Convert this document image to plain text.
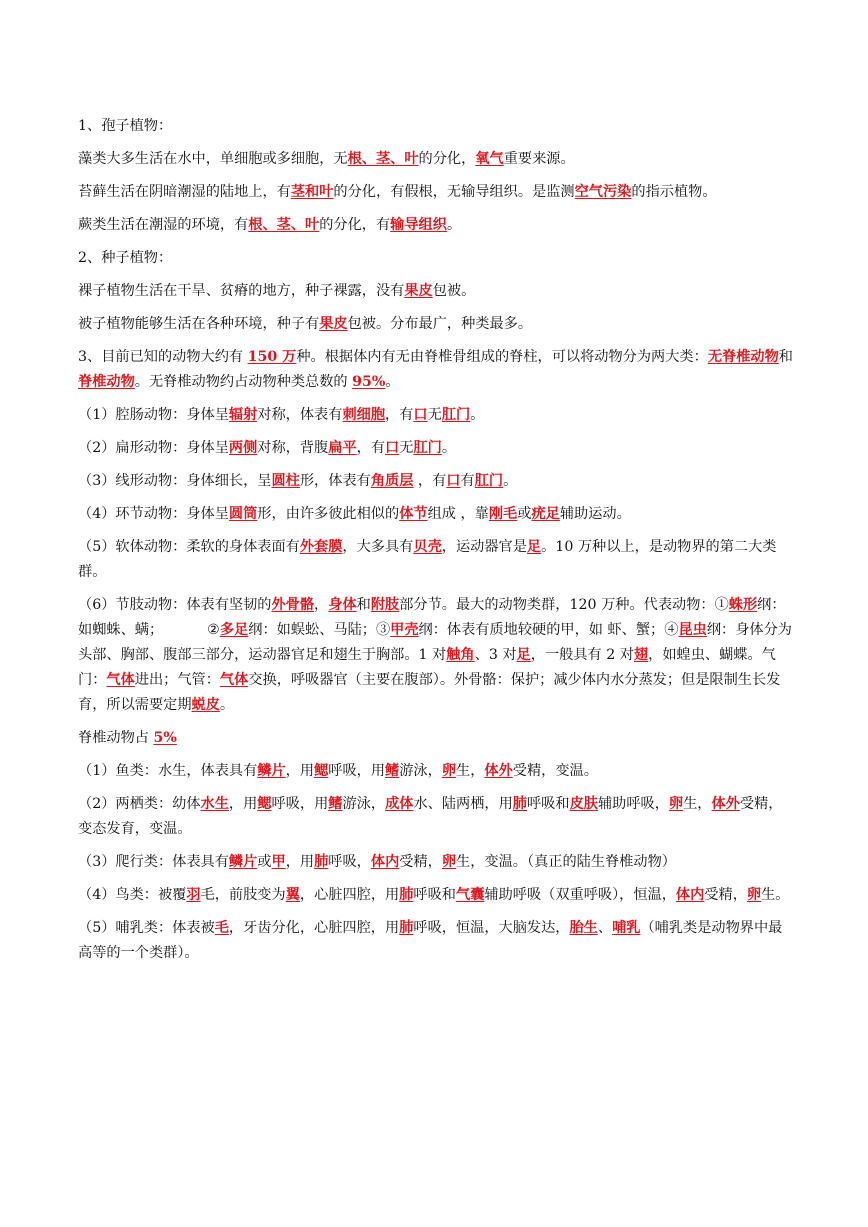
1、孢子植物：

藻类大多生活在水中，单细胞或多细胞，无根、茎、叶的分化，氧气重要来源。

苔藓生活在阴暗潮湿的陆地上，有茎和叶的分化，有假根，无输导组织。是监测空气污染的指示植物。

蕨类生活在潮湿的环境，有根、茎、叶的分化，有输导组织。

2、种子植物：

裸子植物生活在干旱、贫瘠的地方，种子裸露，没有果皮包被。

被子植物能够生活在各种环境，种子有果皮包被。分布最广，种类最多。

3、目前已知的动物大约有 150 万种。根据体内有无由脊椎骨组成的脊柱，可以将动物分为两大类：无脊椎动物和脊椎动物。无脊椎动物约占动物种类总数的 95%。

（1）腔肠动物：身体呈辐射对称，体表有刺细胞，有口无肛门。

（2）扁形动物：身体呈两侧对称，背腹扁平，有口无肛门。

（3）线形动物：身体细长，呈圆柱形，体表有角质层 ，有口有肛门。

（4）环节动物：身体呈圆筒形，由许多彼此相似的体节组成 ，靠刚毛或疣足辅助运动。

（5）软体动物：柔软的身体表面有外套膜，大多具有贝壳，运动器官是足。10 万种以上，是动物界的第二大类群。

（6）节肢动物：体表有坚韧的外骨骼，身体和附肢部分节。最大的动物类群，120 万种。代表动物：①蛛形纲：如蜘蛛、螨；	②多足纲：如蜈蚣、马陆；③甲壳纲：体表有质地较硬的甲，如 虾、蟹；④昆虫纲：身体分为头部、胸部、腹部三部分，运动器官足和翅生于胸部。1 对触角、3 对足，一般具有 2 对翅，如蝗虫、蝴蝶。气门：气体进出；气管：气体交换，呼吸器官（主要在腹部）。外骨骼：保护；减少体内水分蒸发；但是限制生长发育，所以需要定期蜕皮。

脊椎动物占 5%

（1）鱼类：水生，体表具有鳞片，用鳃呼吸，用鳍游泳，卵生，体外受精，变温。

（2）两栖类：幼体水生，用鳃呼吸，用鳍游泳，成体水、陆两栖，用肺呼吸和皮肤辅助呼吸，卵生，体外受精，变态发育，变温。

（3）爬行类：体表具有鳞片或甲，用肺呼吸，体内受精，卵生，变温。（真正的陆生脊椎动物）

（4）鸟类：被覆羽毛，前肢变为翼，心脏四腔，用肺呼吸和气囊辅助呼吸（双重呼吸），恒温，体内受精，卵生。

（5）哺乳类：体表被毛，牙齿分化，心脏四腔，用肺呼吸，恒温，大脑发达，胎生、哺乳（哺乳类是动物界中最高等的一个类群）。
